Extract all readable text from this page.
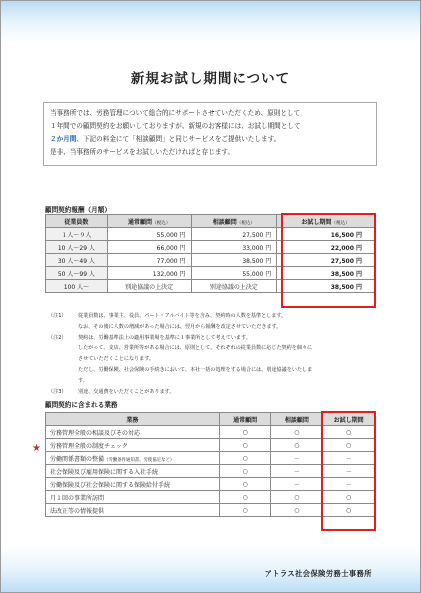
新規お試し期間について

当事務所では、労務管理について総合的にサポートさせていただくため、原則として

１年間での顧問契約をお願いしておりますが、新規のお客様には、お試し期間として

２か月間、下記の料金にて「相談顧問」と同じサービスをご提供いたします。

是非、当事務所のサービスをお試しいただければと存じます。

顧問契約報酬（月額）
従業員数	通常顧問（税込）	相談顧問（税込）	お試し期間（税込）
１人～９人	55,000 円	27,500 円	16,500 円
10 人～29 人	66,000 円	33,000 円	22,000 円
30 人～49 人	77,000 円	38,500 円	27,500 円
50 人～99 人	132,000 円	55,000 円	38,500 円
100 人～	別途協議の上決定	別途協議の上決定	38,500 円
（注1） 従業員数は、事業主、役員、パート・アルバイト等を含み、契約時の人数を基準とします。
なお、その後に人数の増減があった場合には、翌月から報酬を改定させていただきます。
（注2） 契約は、労働基準法上の適用事業場を基準に１事業所として考えています。
したがって、支店、営業所等がある場合には、原則として、それぞれの従業員数に応じた契約を個々に
させていただくことになります。
ただし、労働保険、社会保険の手続きにおいて、本社一括の処理をする場合には、別途協議をいたしま
す。
（注3） 別途、交通費をいただくことがあります。
顧問契約に含まれる業務
★
業務	通常顧問	相談顧問	お試し期間
労務管理全般の相談及びその対応	○	○	○
労務管理全般の制度チェック	○	○	○
労働関係書類の整備（労働条件通知書、労使協定など）	○	－	－
社会保険及び雇用保険に関する入社手続	○	－	－
労働保険及び社会保険に関する保険給付手続	○	－	－
月１回の事業所訪問	○	○	○
法改正等の情報提供	○	○	○
アトラス社会保険労務士事務所
